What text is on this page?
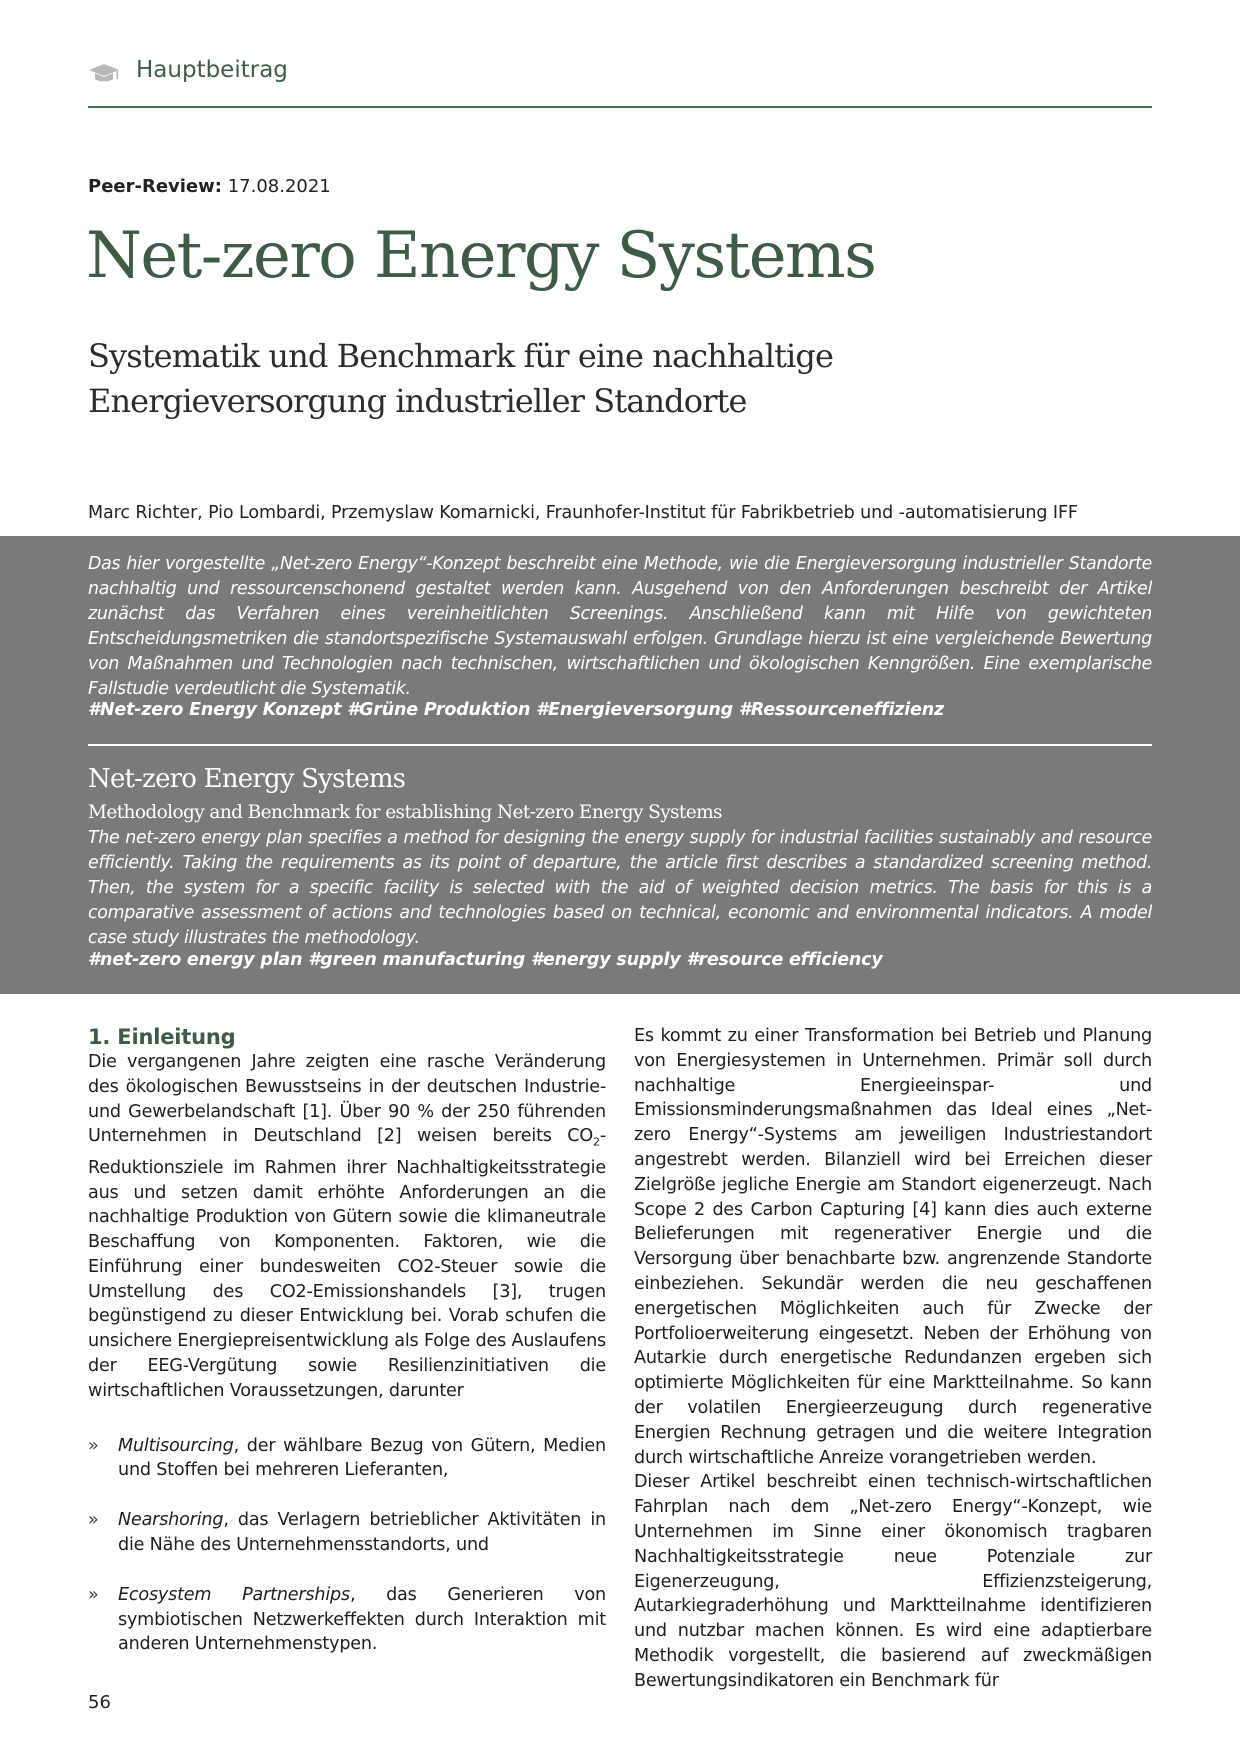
Hauptbeitrag
Peer-Review: 17.08.2021
Net-zero Energy Systems
Systematik und Benchmark für eine nachhaltige
Energieversorgung industrieller Standorte
Marc Richter, Pio Lombardi, Przemyslaw Komarnicki, Fraunhofer-Institut für Fabrikbetrieb und -automatisierung IFF

Das hier vorgestellte „Net-zero Energy“-Konzept beschreibt eine Methode, wie die Energieversorgung industrieller Standorte nachhaltig und ressourcenschonend gestaltet werden kann. Ausgehend von den Anforderungen beschreibt der Artikel zunächst das Verfahren eines vereinheitlichten Screenings. Anschließend kann mit Hilfe von gewichteten Entscheidungsmetriken die standortspezifische Systemauswahl erfolgen. Grundlage hierzu ist eine vergleichende Bewertung von Maßnahmen und Technologien nach technischen, wirtschaftlichen und ökologischen Kenngrößen. Eine exemplarische Fallstudie verdeutlicht die Systematik.

#Net-zero Energy Konzept #Grüne Produktion #Energieversorgung #Ressourceneffizienz

Net-zero Energy Systems
Methodology and Benchmark for establishing Net-zero Energy Systems

The net-zero energy plan specifies a method for designing the energy supply for industrial facilities sustainably and resource efficiently. Taking the requirements as its point of departure, the article first describes a standardized screening method. Then, the system for a specific facility is selected with the aid of weighted decision metrics. The basis for this is a comparative assessment of actions and technologies based on technical, economic and environmental indicators. A model case study illustrates the methodology.

#net-zero energy plan #green manufacturing #energy supply #resource efficiency

1. Einleitung

Die vergangenen Jahre zeigten eine rasche Veränderung des ökologischen Bewusstseins in der deutschen Industrie- und Gewerbelandschaft [1]. Über 90 % der 250 führenden Unternehmen in Deutschland [2] weisen bereits $CO_2$-Reduktionsziele im Rahmen ihrer Nachhaltigkeitsstrategie aus und setzen damit erhöhte Anforderungen an die nachhaltige Produktion von Gütern sowie die klimaneutrale Beschaffung von Komponenten. Faktoren, wie die Einführung einer bundesweiten CO2-Steuer sowie die Umstellung des CO2-Emissionshandels [3], trugen begünstigend zu dieser Entwicklung bei. Vorab schufen die unsichere Energiepreisentwicklung als Folge des Auslaufens der EEG-Vergütung sowie Resilienzinitiativen die wirtschaftlichen Voraussetzungen, darunter

» Multisourcing, der wählbare Bezug von Gütern, Medien und Stoffen bei mehreren Lieferanten,
» Nearshoring, das Verlagern betrieblicher Aktivitäten in die Nähe des Unternehmensstandorts, und
» Ecosystem Partnerships, das Generieren von symbiotischen Netzwerkeffekten durch Interaktion mit anderen Unternehmenstypen.

Es kommt zu einer Transformation bei Betrieb und Planung von Energiesystemen in Unternehmen. Primär soll durch nachhaltige Energieeinspar- und Emissionsminderungsmaßnahmen das Ideal eines „Net-zero Energy“-Systems am jeweiligen Industriestandort angestrebt werden. Bilanziell wird bei Erreichen dieser Zielgröße jegliche Energie am Standort eigenerzeugt. Nach Scope 2 des Carbon Capturing [4] kann dies auch externe Belieferungen mit regenerativer Energie und die Versorgung über benachbarte bzw. angrenzende Standorte einbeziehen. Sekundär werden die neu geschaffenen energetischen Möglichkeiten auch für Zwecke der Portfolioerweiterung eingesetzt. Neben der Erhöhung von Autarkie durch energetische Redundanzen ergeben sich optimierte Möglichkeiten für eine Marktteilnahme. So kann der volatilen Energieerzeugung durch regenerative Energien Rechnung getragen und die weitere Integration durch wirtschaftliche Anreize vorangetrieben werden.

Dieser Artikel beschreibt einen technisch-wirtschaftlichen Fahrplan nach dem „Net-zero Energy“-Konzept, wie Unternehmen im Sinne einer ökonomisch tragbaren Nachhaltigkeitsstrategie neue Potenziale zur Eigenerzeugung, Effizienzsteigerung, Autarkiegraderhöhung und Marktteilnahme identifizieren und nutzbar machen können. Es wird eine adaptierbare Methodik vorgestellt, die basierend auf zweckmäßigen Bewertungsindikatoren ein Benchmark für

56
